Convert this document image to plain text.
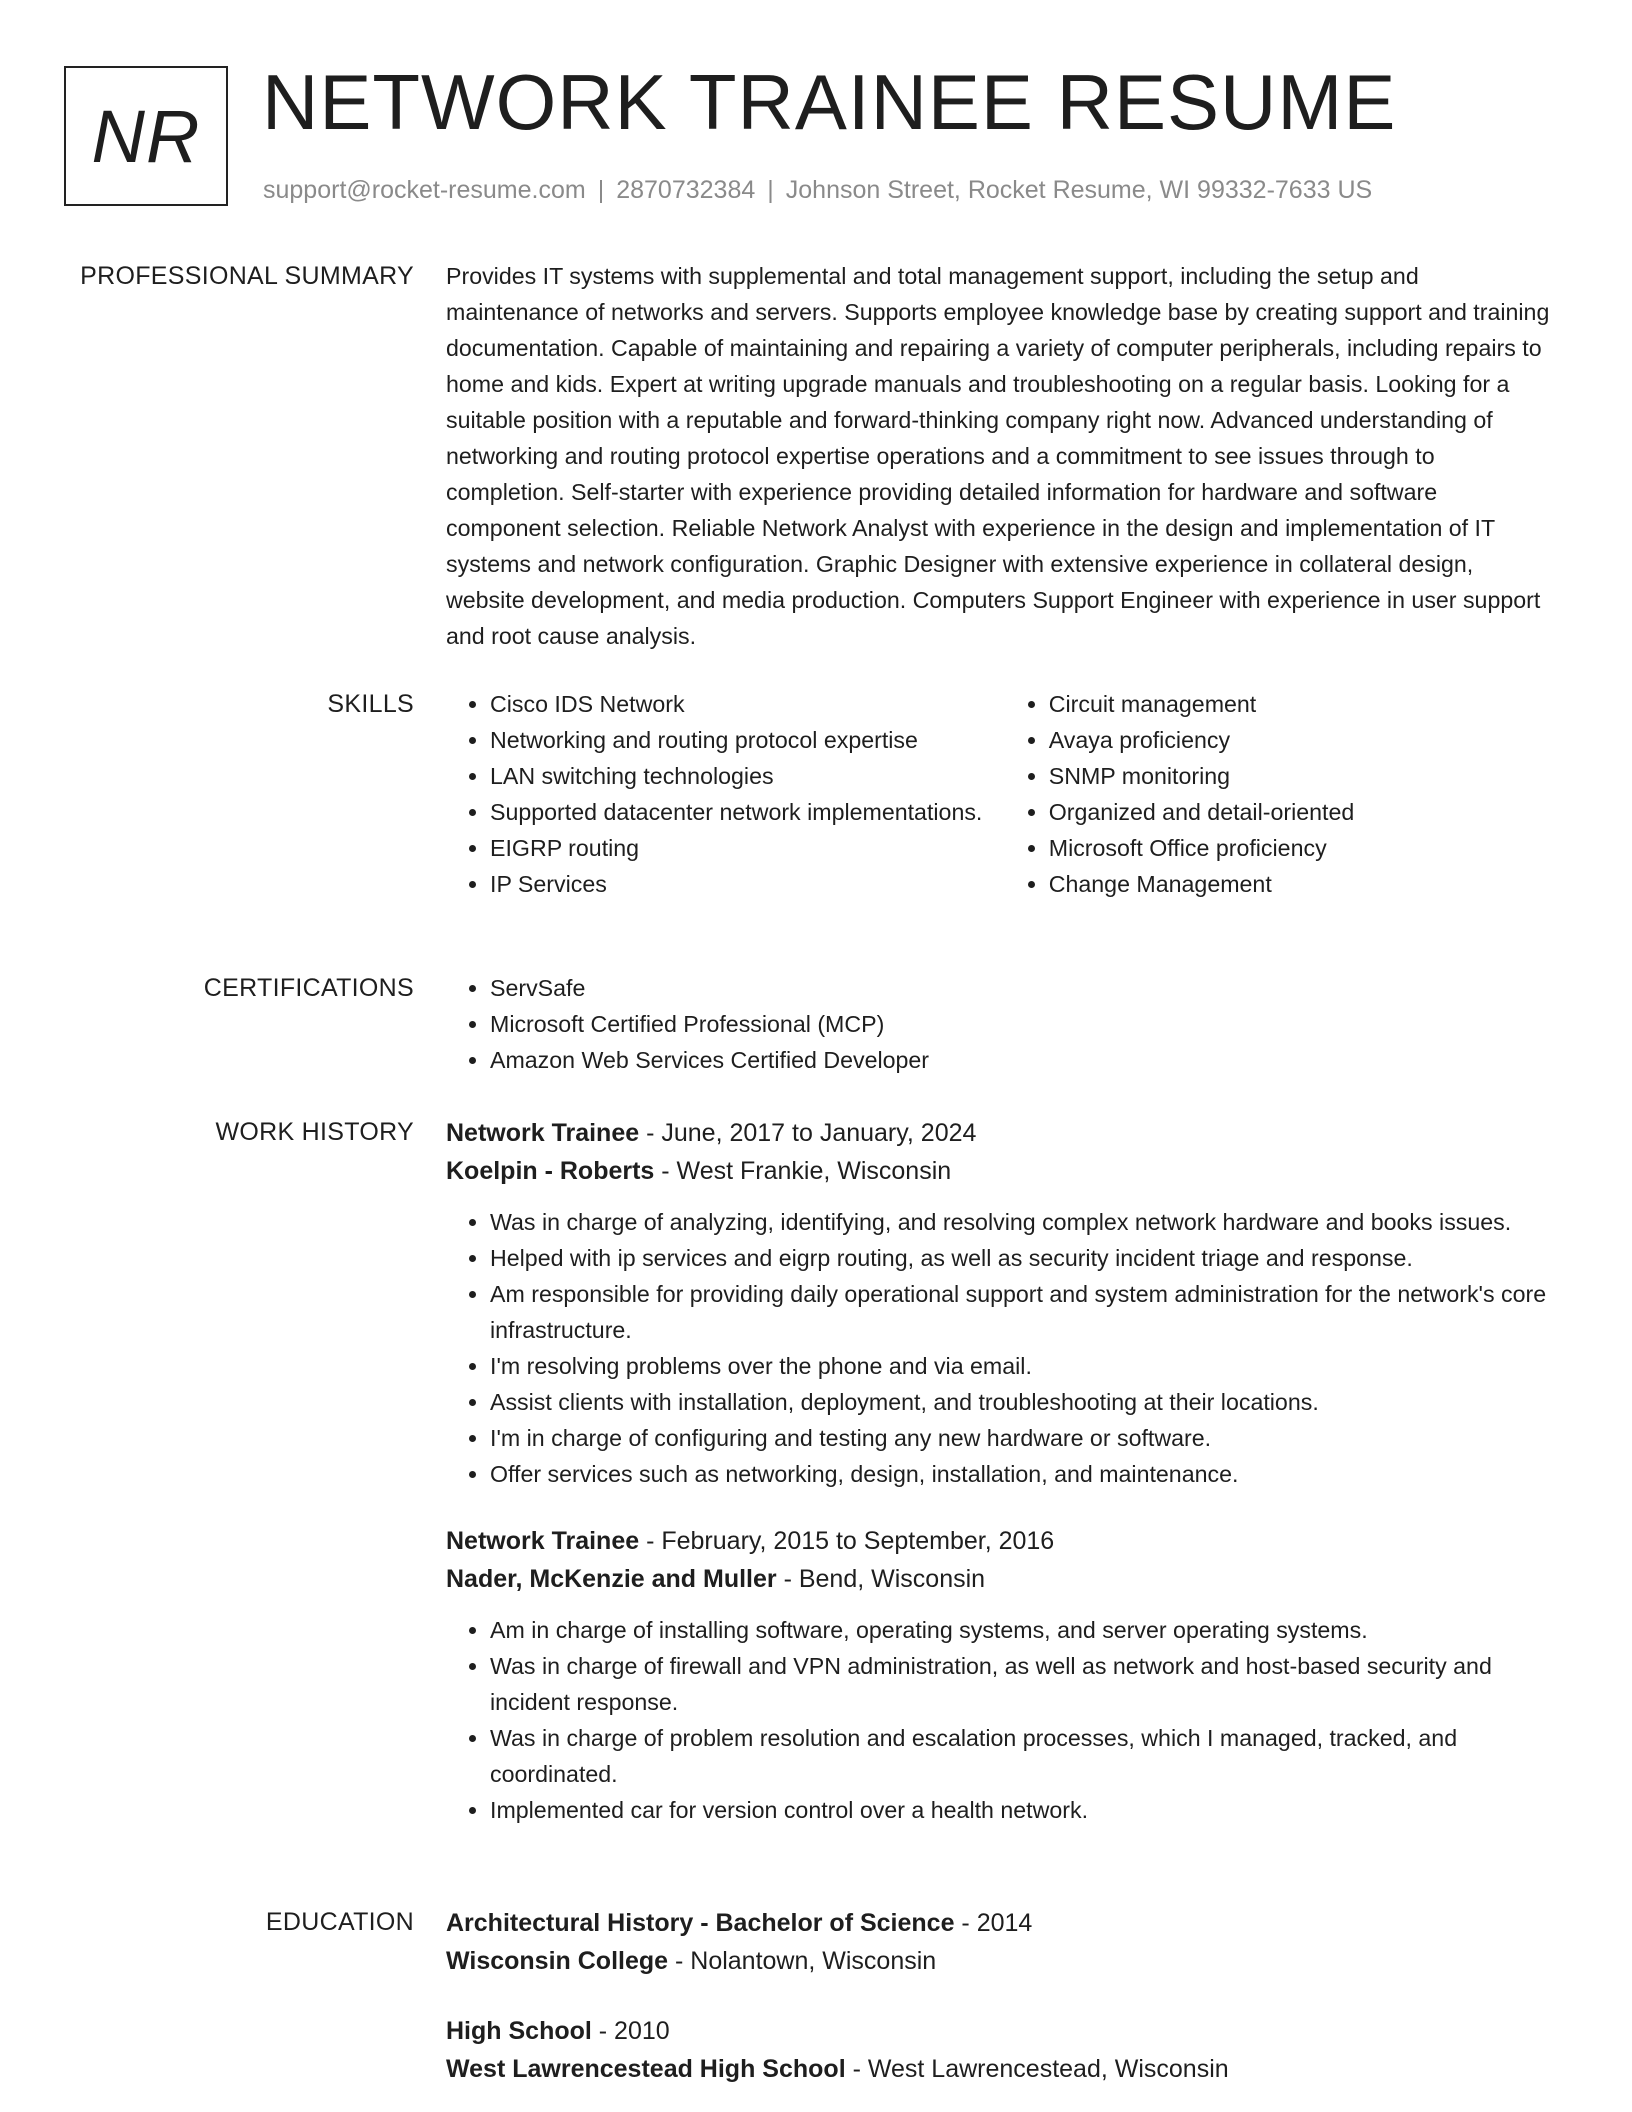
NR NETWORK TRAINEE RESUME
support@rocket-resume.com | 2870732384 | Johnson Street, Rocket Resume, WI 99332-7633 US
PROFESSIONAL SUMMARY Provides IT systems with supplemental and total management support, including the setup and maintenance of networks and servers. Supports employee knowledge base by creating support and training documentation. Capable of maintaining and repairing a variety of computer peripherals, including repairs to home and kids. Expert at writing upgrade manuals and troubleshooting on a regular basis. Looking for a suitable position with a reputable and forward-thinking company right now. Advanced understanding of networking and routing protocol expertise operations and a commitment to see issues through to completion. Self-starter with experience providing detailed information for hardware and software component selection. Reliable Network Analyst with experience in the design and implementation of IT systems and network configuration. Graphic Designer with extensive experience in collateral design, website development, and media production. Computers Support Engineer with experience in user support and root cause analysis.
SKILLS	• Cisco IDS Network
• Networking and routing protocol expertise
• LAN switching technologies
• Supported datacenter network implementations.
• EIGRP routing
• IP Services
• Circuit management
• Avaya proficiency
• SNMP monitoring
• Organized and detail-oriented
• Microsoft Office proficiency
• Change Management
CERTIFICATIONS	• ServSafe
• Microsoft Certified Professional (MCP)
• Amazon Web Services Certified Developer
WORK HISTORY Network Trainee - June, 2017 to January, 2024
Koelpin - Roberts - West Frankie, Wisconsin
• Was in charge of analyzing, identifying, and resolving complex network hardware and books issues.
• Helped with ip services and eigrp routing, as well as security incident triage and response.
• Am responsible for providing daily operational support and system administration for the network's core infrastructure.
• I'm resolving problems over the phone and via email.
• Assist clients with installation, deployment, and troubleshooting at their locations.
• I'm in charge of configuring and testing any new hardware or software.
• Offer services such as networking, design, installation, and maintenance.
Network Trainee - February, 2015 to September, 2016
Nader, McKenzie and Muller - Bend, Wisconsin
• Am in charge of installing software, operating systems, and server operating systems.
• Was in charge of firewall and VPN administration, as well as network and host-based security and incident response.
• Was in charge of problem resolution and escalation processes, which I managed, tracked, and coordinated.
• Implemented car for version control over a health network.
EDUCATION Architectural History - Bachelor of Science - 2014
Wisconsin College - Nolantown, Wisconsin
High School - 2010
West Lawrencestead High School - West Lawrencestead, Wisconsin
